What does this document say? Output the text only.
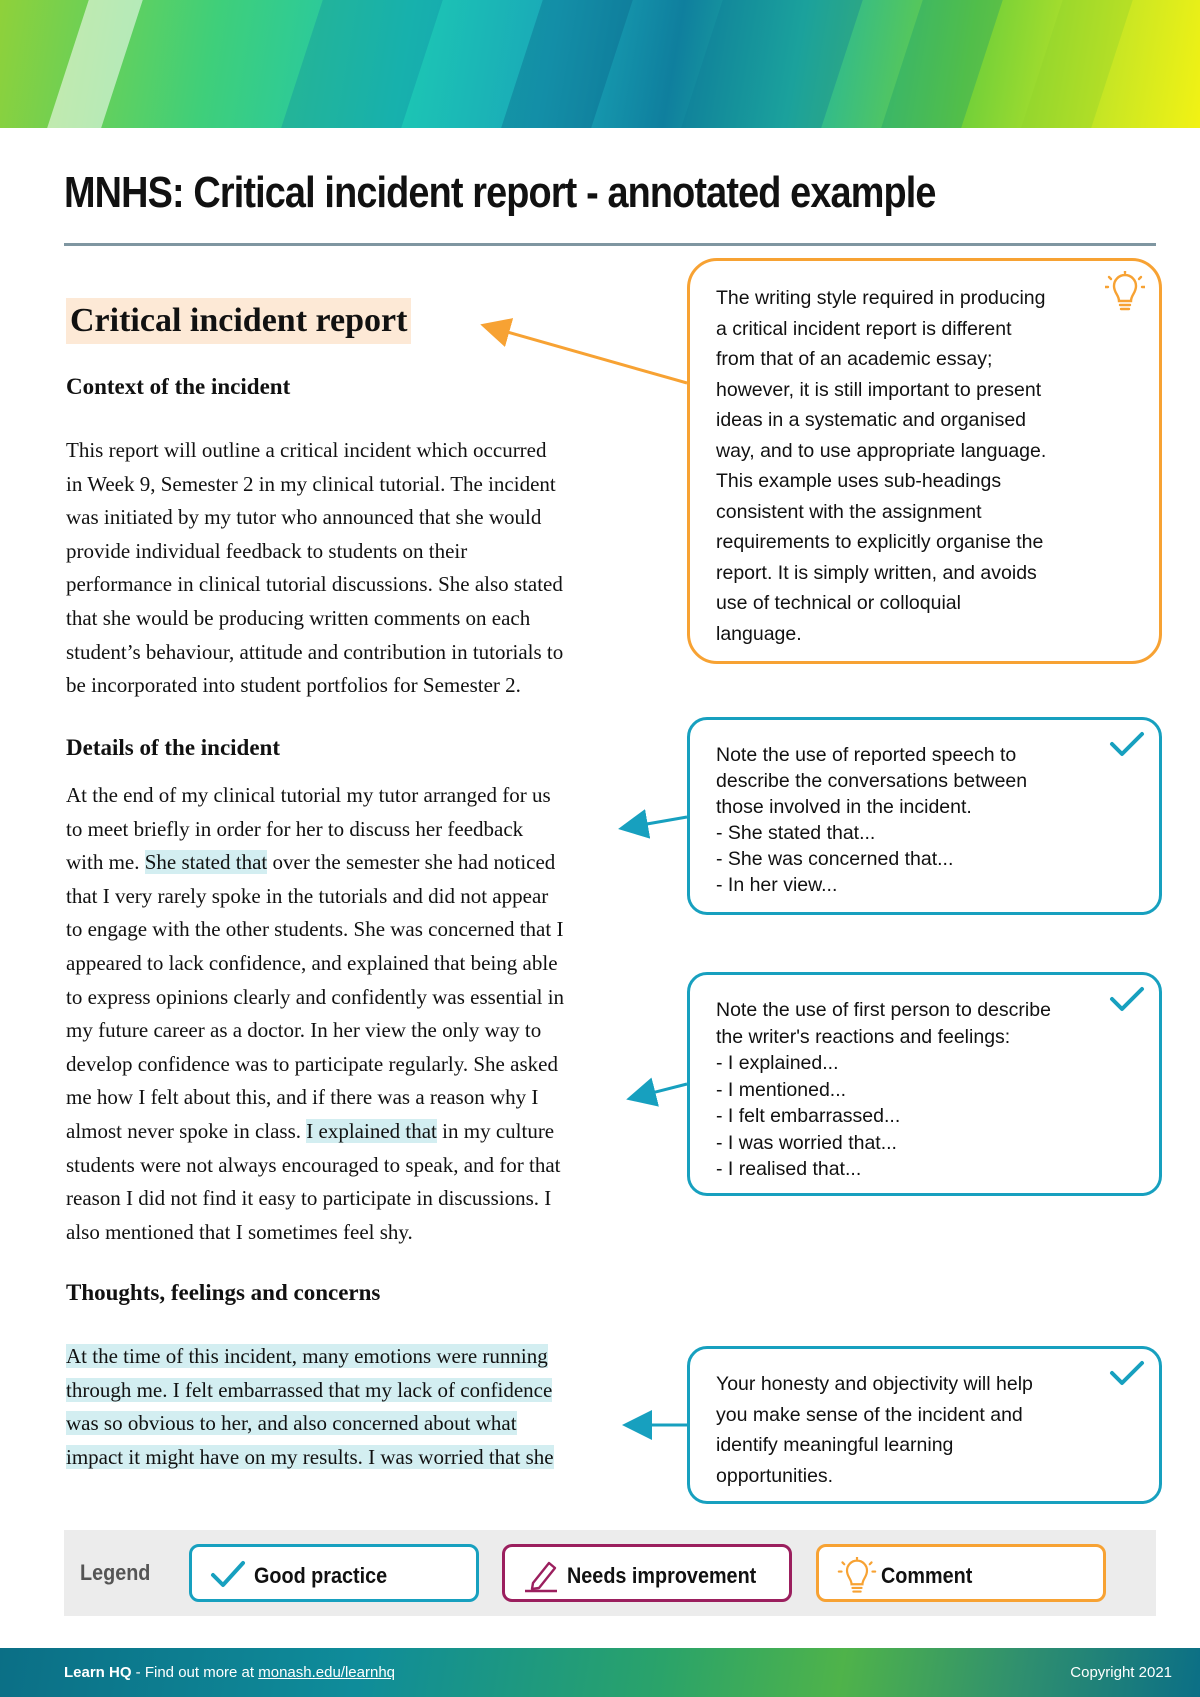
MNHS: Critical incident report - annotated example
Critical incident report
Context of the incident
This report will outline a critical incident which occurred
in Week 9, Semester 2 in my clinical tutorial. The incident
was initiated by my tutor who announced that she would
provide individual feedback to students on their
performance in clinical tutorial discussions. She also stated
that she would be producing written comments on each
student’s behaviour, attitude and contribution in tutorials to
be incorporated into student portfolios for Semester 2.
Details of the incident
At the end of my clinical tutorial my tutor arranged for us
to meet briefly in order for her to discuss her feedback
with me. She stated that over the semester she had noticed
that I very rarely spoke in the tutorials and did not appear
to engage with the other students. She was concerned that I
appeared to lack confidence, and explained that being able
to express opinions clearly and confidently was essential in
my future career as a doctor. In her view the only way to
develop confidence was to participate regularly. She asked
me how I felt about this, and if there was a reason why I
almost never spoke in class. I explained that in my culture
students were not always encouraged to speak, and for that
reason I did not find it easy to participate in discussions. I
also mentioned that I sometimes feel shy.
Thoughts, feelings and concerns
At the time of this incident, many emotions were running
through me. I felt embarrassed that my lack of confidence
was so obvious to her, and also concerned about what
impact it might have on my results. I was worried that she
The writing style required in producing
a critical incident report is different
from that of an academic essay;
however, it is still important to present
ideas in a systematic and organised
way, and to use appropriate language.
This example uses sub-headings
consistent with the assignment
requirements to explicitly organise the
report. It is simply written, and avoids
use of technical or colloquial
language.
Note the use of reported speech to
describe the conversations between
those involved in the incident.
- She stated that...
- She was concerned that...
- In her view...
Note the use of first person to describe
the writer's reactions and feelings:
- I explained...
- I mentioned...
- I felt embarrassed...
- I was worried that...
- I realised that...
Your honesty and objectivity will help
you make sense of the incident and
identify meaningful learning
opportunities.
Legend	Good practice	Needs improvement	Comment
Learn HQ - Find out more at monash.edu/learnhq	Copyright 2021
